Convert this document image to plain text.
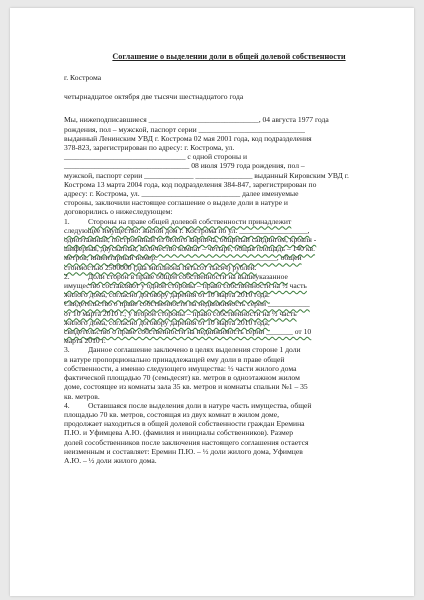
Соглашение о выделении доли в общей долевой собственности
г. Кострома
четырнадцатое октября две тысячи шестнадцатого года
Мы, нижеподписавшиеся _____________________________, 04 августа 1977 года
рождения, пол – мужской, паспорт серии ____________________________
выданный Ленинским УВД г. Кострома 02 мая 2001 года, код подразделения
378-823, зарегистрирован по адресу: г. Кострома, ул.
________________________________ с одной стороны и
_________________________________ 08 июля 1979 года рождения, пол –
мужской, паспорт серии _____________ _______________ выданный Кировским УВД г.
Кострома 13 марта 2004 года, код подразделения 384-847, зарегистрирован по
адресу: г. Кострома, ул. __________________________ далее именуемые
стороны, заключили настоящее соглашение о выделе доли в натуре и
договорились о нижеследующем:
1. Стороны на праве общей долевой собственности принадлежит
следующее имущество: жилой дом г. Кострома по ул. __________________,
одноэтажный, построенный из белого кирпича, общитый сайдингом, кровля -
шиферная, двускатная, количество комнат – четыре, общая площадь – 140 кв.
метров, инвентарный номер: _______________________________, общей
стоимостью 2500000 (два миллиона пятьсот тысяч) рублей.
2. Доли сторон в праве общей собственности на вышеуказанное
имущество составляют у одной стороны – право собственности на ½ часть
жилого дома, согласно договору дарения от 10 марта 2010 года.
Свидетельство о праве собственности на недвижимость серии ___________
от 10 марта 2010 г.; у второй стороны – право собственности на ½ часть
жилого дома, согласно договору дарения от 10 марта 2010 года,
свидетельство о праве собственности на недвижимость серии _______ от 10
марта 2010 г.
3. Данное соглашение заключено в целях выделения стороне 1 доли
в натуре пропорционально принадлежащей ему доли в праве общей
собственности, а именно следующего имущества: ½ части жилого дома
фактической площадью 70 (семьдесят) кв. метров в одноэтажном жилом
доме, состоящее из комнаты зала 35 кв. метров и комнаты спальни №1 – 35
кв. метров.
4. Оставшаяся после выделения доли в натуре часть имущества, общей
площадью 70 кв. метров, состоящая из двух комнат в жилом доме,
продолжает находиться в общей долевой собственности граждан Еремина
П.Ю. и Уфимцева А.Ю. (фамилия и инициалы собственников). Размер
долей сособственников после заключения настоящего соглашения остается
неизменным и составляет: Еремин П.Ю. – ½ доли жилого дома, Уфимцев
А.Ю. – ½ доли жилого дома.
